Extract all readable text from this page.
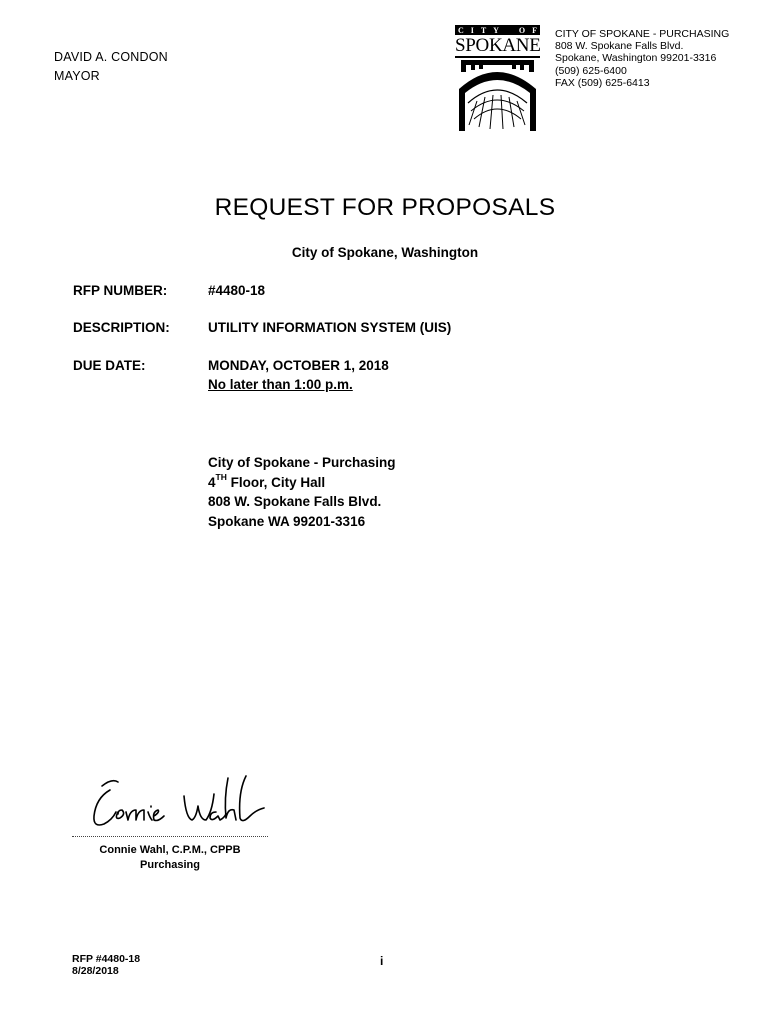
DAVID A. CONDON
MAYOR
C I T Y O F
SPOKANE
CITY OF SPOKANE - PURCHASING
808 W. Spokane Falls Blvd.
Spokane, Washington 99201-3316
(509) 625-6400
FAX (509) 625-6413
REQUEST FOR PROPOSALS
City of Spokane, Washington
RFP NUMBER:	#4480-18
DESCRIPTION:	UTILITY INFORMATION SYSTEM (UIS)
DUE DATE:	MONDAY, OCTOBER 1, 2018
No later than 1:00 p.m.
City of Spokane - Purchasing
4TH Floor, City Hall
808 W. Spokane Falls Blvd.
Spokane WA 99201-3316
Connie Wahl
Connie Wahl, C.P.M., CPPB
Purchasing
RFP #4480-18
8/28/2018
i
